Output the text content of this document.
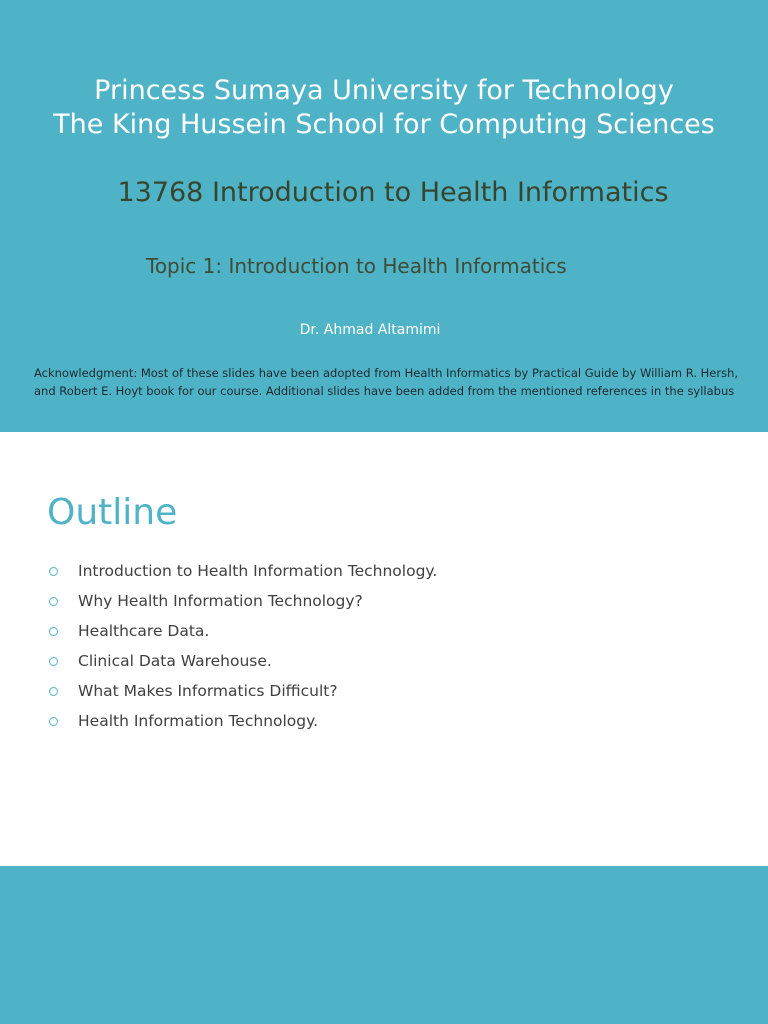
Princess Sumaya University for Technology
The King Hussein School for Computing Sciences
13768 Introduction to Health Informatics
Topic 1: Introduction to Health Informatics
Dr. Ahmad Altamimi
Acknowledgment: Most of these slides have been adopted from Health Informatics by Practical Guide by William R. Hersh, and Robert E. Hoyt book for our course. Additional slides have been added from the mentioned references in the syllabus
Outline
Introduction to Health Information Technology.
Why Health Information Technology?
Healthcare Data.
Clinical Data Warehouse.
What Makes Informatics Difficult?
Health Information Technology.
